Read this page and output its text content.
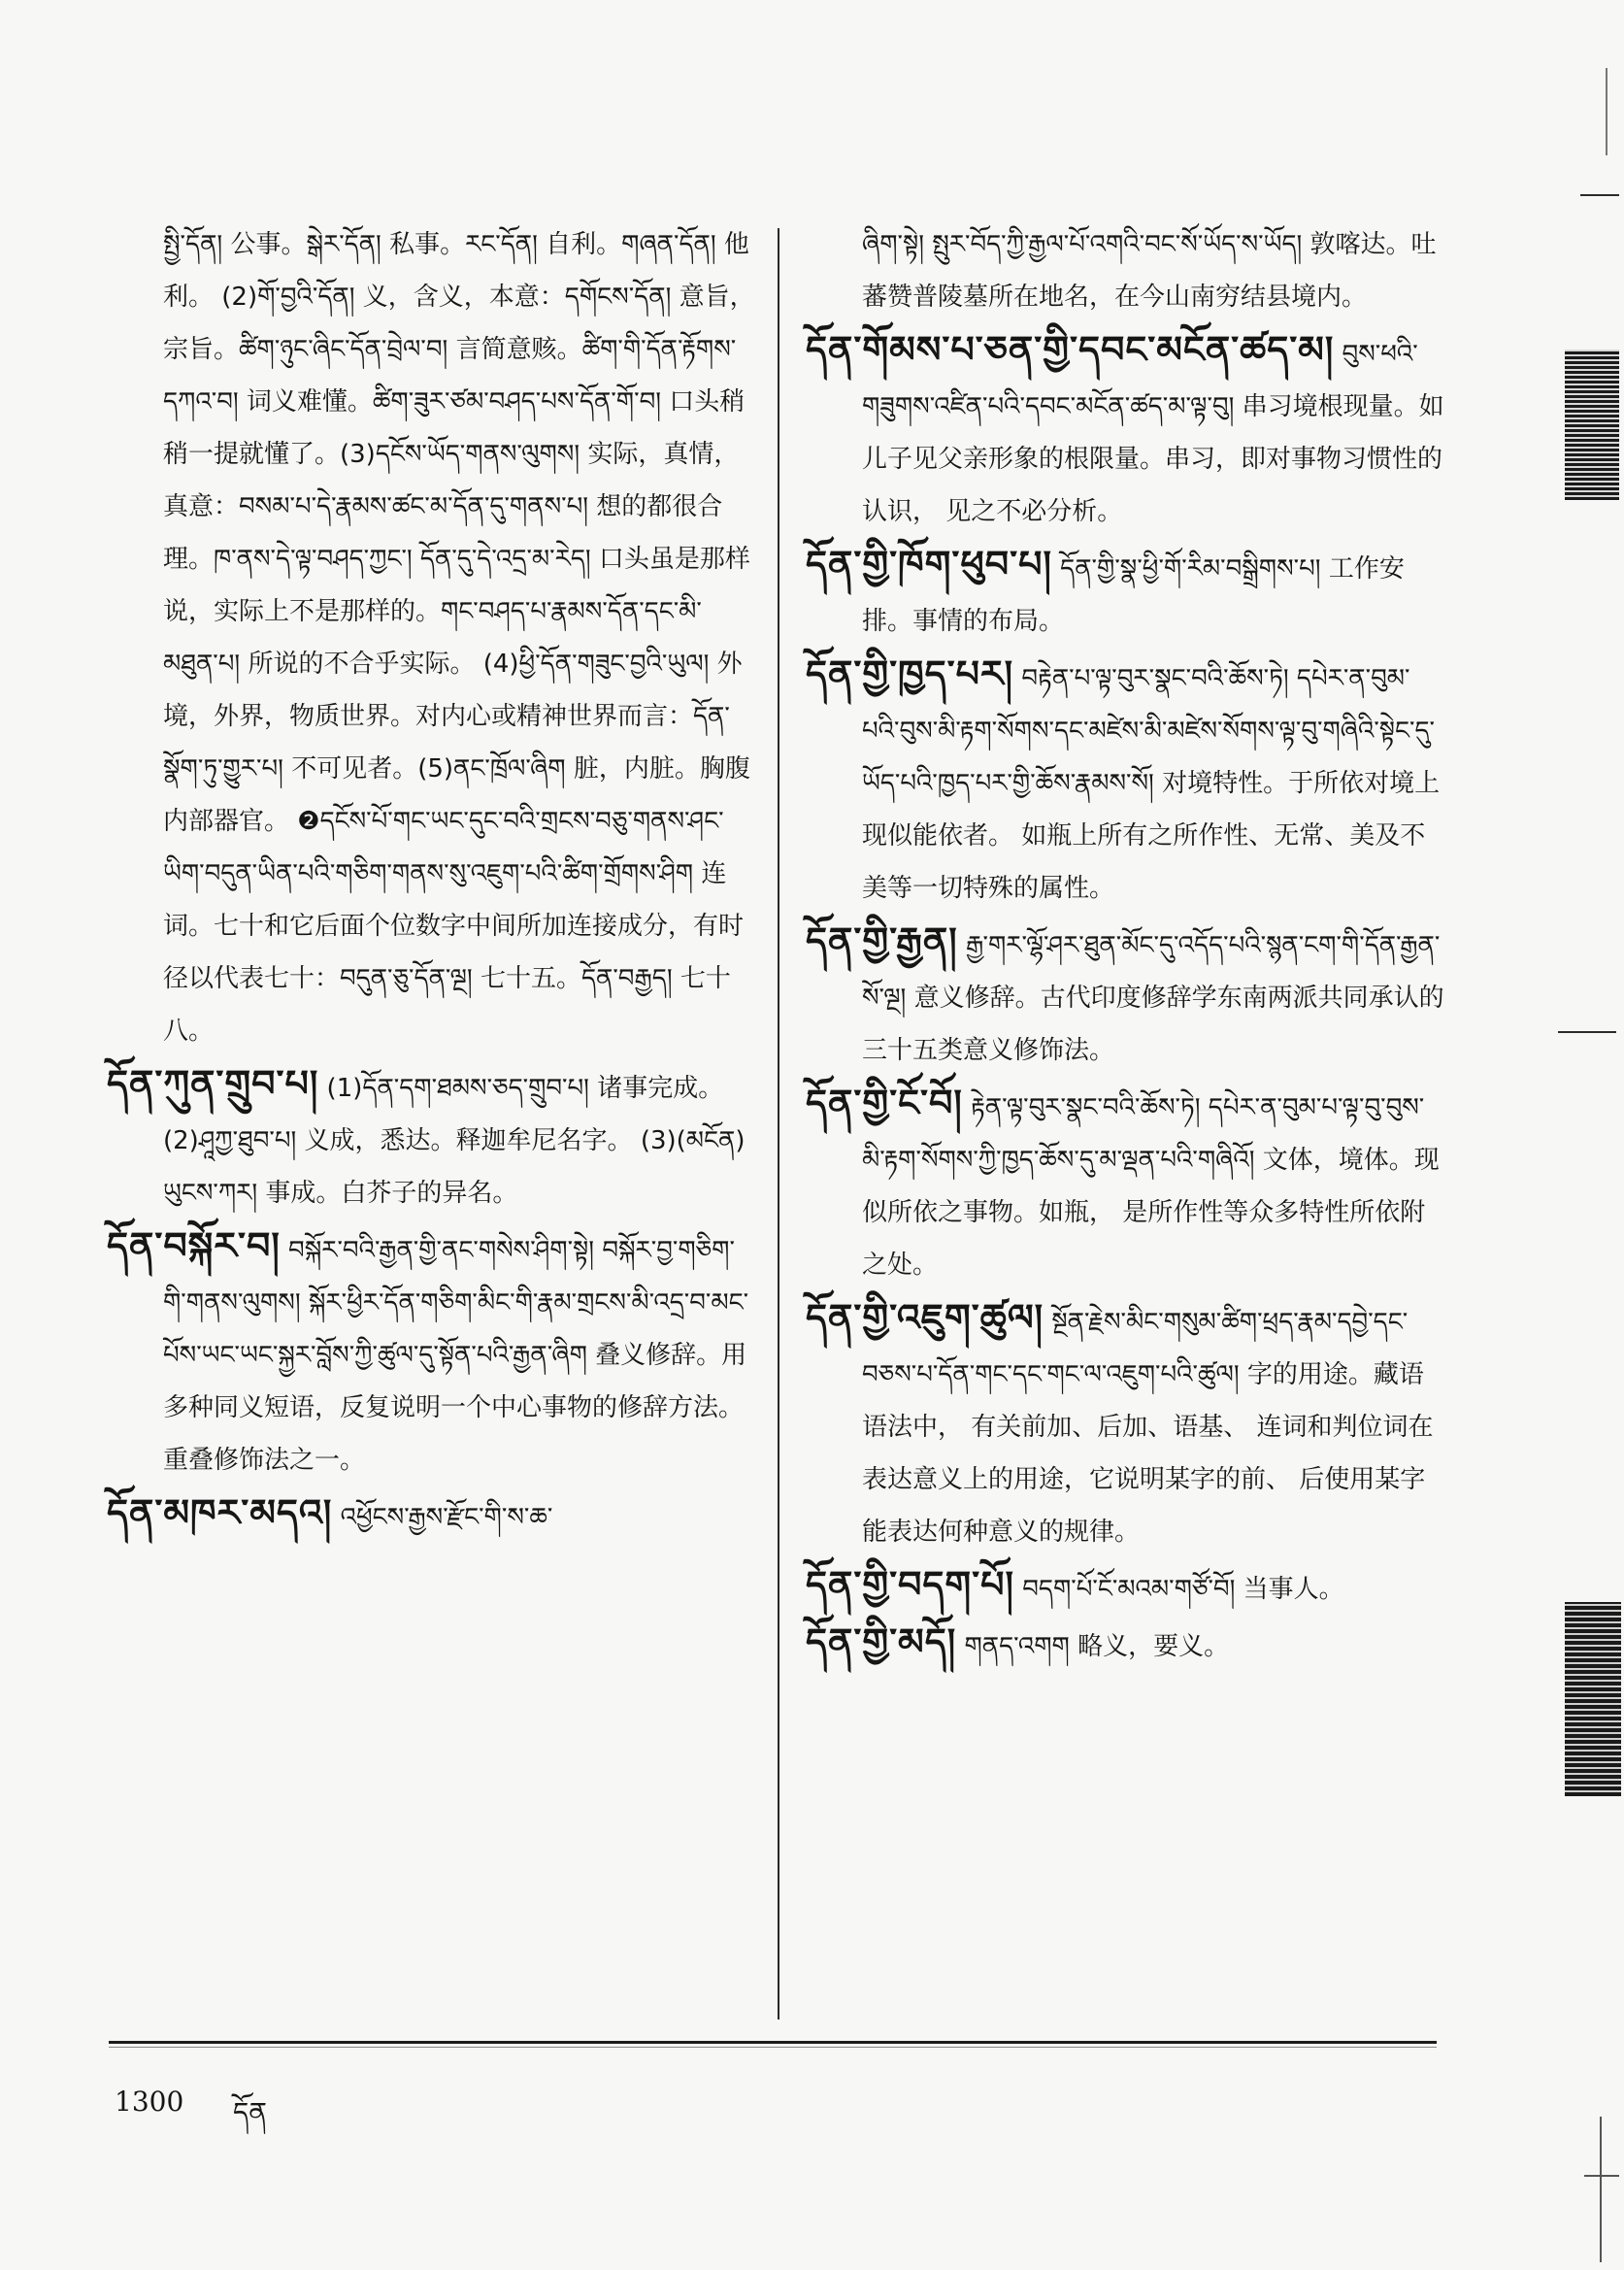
སྤྱི་དོན། 公事。སྒེར་དོན། 私事。རང་དོན། 自利。གཞན་དོན། 他利。 (2)གོ་བྱའི་དོན། 义，含义，本意：དགོངས་དོན། 意旨，宗旨。ཚིག་ཉུང་ཞིང་དོན་བྲེལ་བ། 言简意赅。ཚིག་གི་དོན་རྟོགས་དཀའ་བ། 词义难懂。ཚིག་ཟུར་ཙམ་བཤད་པས་དོན་གོ་བ། 口头稍稍一提就懂了。(3)དངོས་ཡོད་གནས་ལུགས། 实际，真情，真意：བསམ་པ་དེ་རྣམས་ཚང་མ་དོན་དུ་གནས་པ། 想的都很合理。ཁ་ནས་དེ་ལྟ་བཤད་ཀྱང་། དོན་དུ་དེ་འདྲ་མ་རེད། 口头虽是那样说，实际上不是那样的。གང་བཤད་པ་རྣམས་དོན་དང་མི་མཐུན་པ། 所说的不合乎实际。 (4)ཕྱི་དོན་གཟུང་བྱའི་ཡུལ། 外境，外界，物质世界。对内心或精神世界而言：དོན་སྣོག་ཏུ་གྱུར་པ། 不可见者。(5)ནང་ཁྲོལ་ཞིག 脏，内脏。胸腹内部器官。 ❷དངོས་པོ་གང་ཡང་དུང་བའི་གྲངས་བཅུ་གནས་ཤང་ཡིག་བདུན་ཡིན་པའི་གཅིག་གནས་སུ་འཇུག་པའི་ཚིག་གྲོགས་ཤིག 连词。七十和它后面个位数字中间所加连接成分，有时径以代表七十：བདུན་ཅུ་དོན་ལྔ། 七十五。དོན་བརྒྱད། 七十八。

དོན་ཀུན་གྲུབ་པ། (1)དོན་དག་ཐམས་ཅད་གྲུབ་པ། 诸事完成。(2)ཤཱཀྱ་ཐུབ་པ། 义成，悉达。释迦牟尼名字。 (3)(མངོན) ཡུངས་ཀར། 事成。白芥子的异名。

དོན་བསྐོར་བ། བསྐོར་བའི་རྒྱན་གྱི་ནང་གསེས་ཤིག་སྟེ། བསྐོར་བྱ་གཅིག་གི་གནས་ལུགས། སྐོར་ཕྱིར་དོན་གཅིག་མིང་གི་རྣམ་གྲངས་མི་འདྲ་བ་མང་པོས་ཡང་ཡང་སྐྱར་བློས་ཀྱི་ཚུལ་དུ་སྟོན་པའི་རྒྱན་ཞིག 叠义修辞。用多种同义短语，反复说明一个中心事物的修辞方法。重叠修饰法之一。

དོན་མཁར་མདའ། འཕྱོངས་རྒྱས་རྫོང་གི་ས་ཆ་

ཞིག་སྟེ། སྤུར་བོད་ཀྱི་རྒྱལ་པོ་འགའི་བང་སོ་ཡོད་ས་ཡོད། 敦喀达。吐蕃赞普陵墓所在地名，在今山南穷结县境内。

དོན་གོམས་པ་ཅན་གྱི་དབང་མངོན་ཚད་མ། བུས་ཕའི་གཟུགས་འཛིན་པའི་དབང་མངོན་ཚད་མ་ལྟ་བུ། 串习境根现量。如儿子见父亲形象的根限量。串习，即对事物习惯性的认识， 见之不必分析。

དོན་གྱི་ཁོག་ཕུབ་པ། དོན་གྱི་སྣ་ཕྱི་གོ་རིམ་བསྒྲིགས་པ། 工作安排。事情的布局。

དོན་གྱི་ཁྱད་པར། བརྟེན་པ་ལྟ་བུར་སྣང་བའི་ཆོས་ཏེ། དཔེར་ན་བུམ་པའི་བུས་མི་རྟག་སོགས་དང་མཛེས་མི་མཛེས་སོགས་ལྟ་བུ་གཞིའི་སྟེང་དུ་ཡོད་པའི་ཁྱད་པར་གྱི་ཆོས་རྣམས་སོ། 对境特性。于所依对境上现似能依者。 如瓶上所有之所作性、无常、美及不美等一切特殊的属性。

དོན་གྱི་རྒྱན། རྒྱ་གར་ལྷོ་ཤར་ཐུན་མོང་དུ་འདོད་པའི་སྙན་ངག་གི་དོན་རྒྱན་སོ་ལྔ། 意义修辞。古代印度修辞学东南两派共同承认的三十五类意义修饰法。

དོན་གྱི་ངོ་བོ། རྟེན་ལྟ་བུར་སྣང་བའི་ཆོས་ཏེ། དཔེར་ན་བུམ་པ་ལྟ་བུ་བུས་མི་རྟག་སོགས་ཀྱི་ཁྱད་ཆོས་དུ་མ་ལྡན་པའི་གཞིའོ། 文体，境体。现似所依之事物。如瓶， 是所作性等众多特性所依附之处。

དོན་གྱི་འཇུག་ཚུལ། སྔོན་རྗེས་མིང་གསུམ་ཚིག་ཕྲད་རྣམ་དབྱེ་དང་བཅས་པ་དོན་གང་དང་གང་ལ་འཇུག་པའི་ཚུལ། 字的用途。藏语语法中， 有关前加、后加、语基、 连词和判位词在表达意义上的用途，它说明某字的前、 后使用某字能表达何种意义的规律。

དོན་གྱི་བདག་པོ། བདག་པོ་ངོ་མའམ་གཙོ་བོ། 当事人。

དོན་གྱི་མདོ། གནད་འགག 略义，要义。

1300 དོན
